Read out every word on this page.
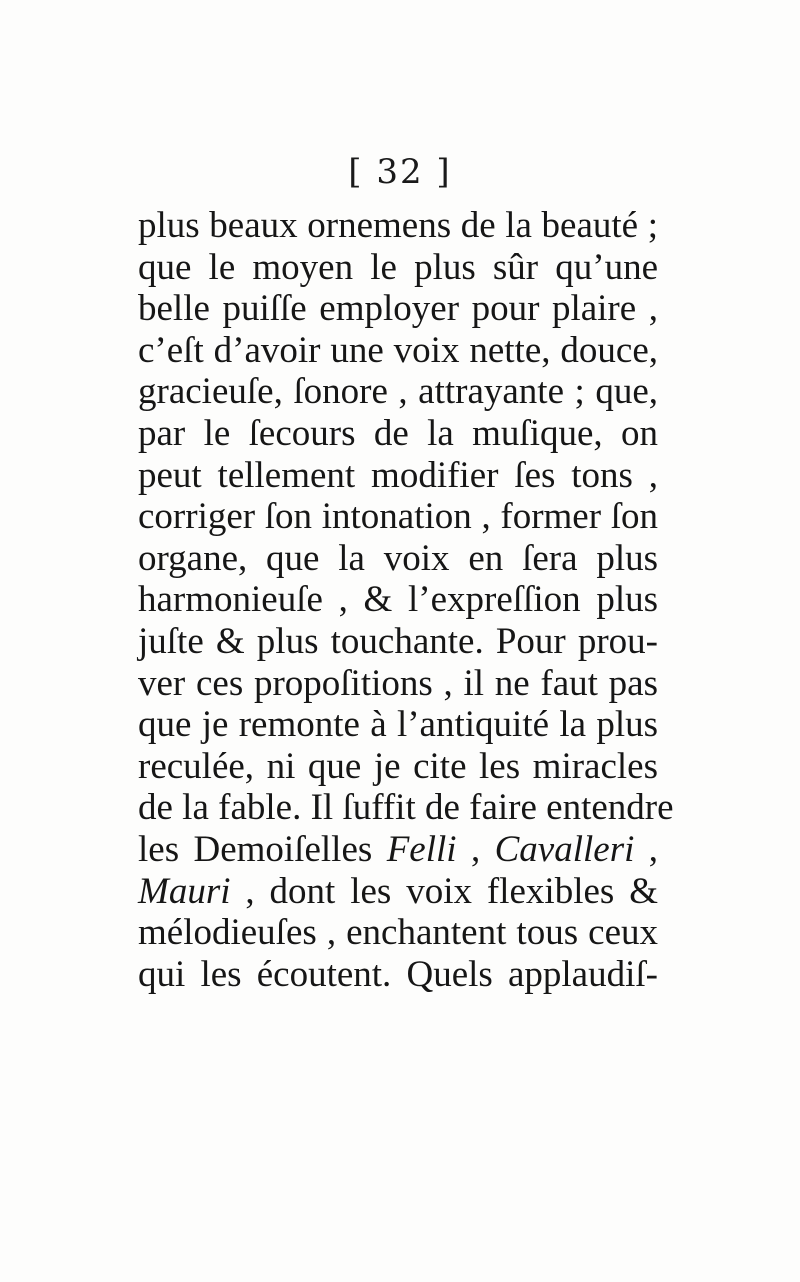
[ 32 ]
plus beaux ornemens de la beauté ;
que le moyen le plus sûr qu’une
belle puiſſe employer pour plaire ,
c’eſt d’avoir une voix nette, douce,
gracieuſe, ſonore , attrayante ; que,
par le ſecours de la muſique, on
peut tellement modifier ſes tons ,
corriger ſon intonation , former ſon
organe, que la voix en ſera plus
harmonieuſe , & l’expreſſion plus
juſte & plus touchante. Pour prou-
ver ces propoſitions , il ne faut pas
que je remonte à l’antiquité la plus
reculée, ni que je cite les miracles
de la fable. Il ſuffit de faire entendre
les Demoiſelles Felli , Cavalleri ,
Mauri , dont les voix flexibles &
mélodieuſes , enchantent tous ceux
qui les écoutent. Quels applaudiſ-
